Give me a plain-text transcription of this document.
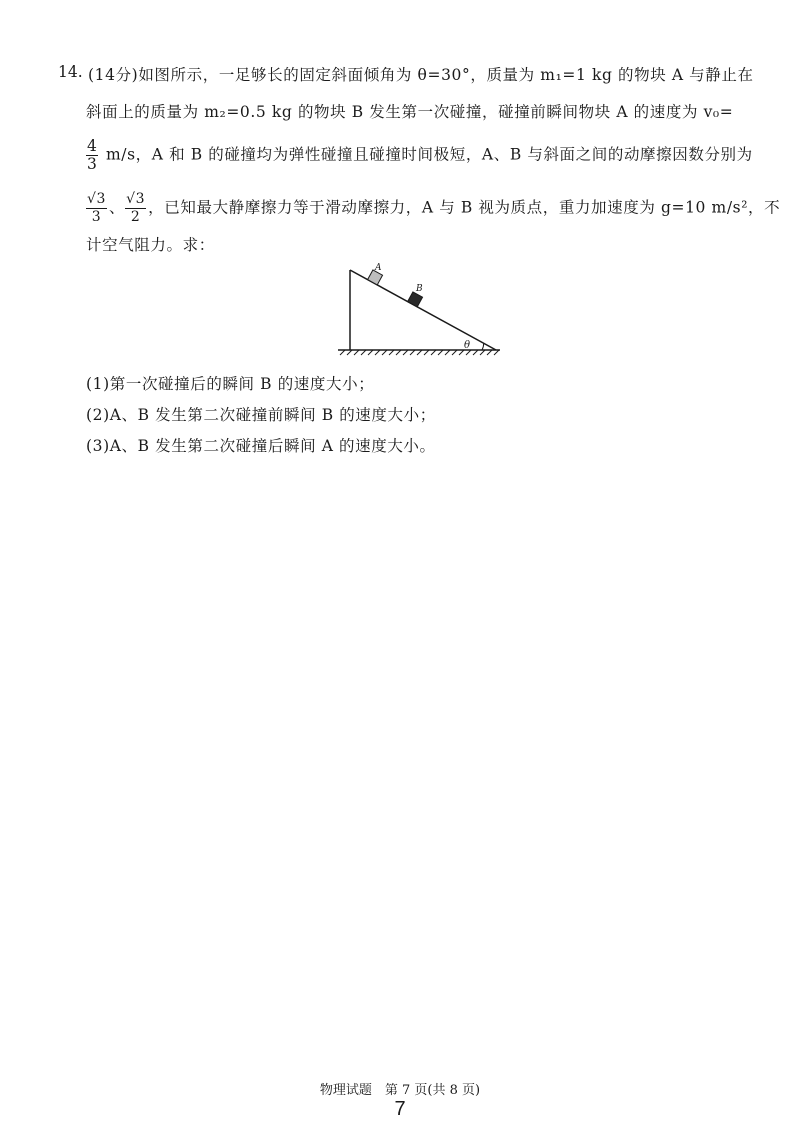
14. (14分)如图所示，一足够长的固定斜面倾角为 θ=30°，质量为 m₁=1 kg 的物块 A 与静止在
斜面上的质量为 m₂=0.5 kg 的物块 B 发生第一次碰撞，碰撞前瞬间物块 A 的速度为 v₀=
$\frac{4}{3} m/s$，A 和 B 的碰撞均为弹性碰撞且碰撞时间极短，A、B 与斜面之间的动摩擦因数分别为
$\frac{√3}{3}$ 、 $\frac{√3}{2}$ ，已知最大静摩擦力等于滑动摩擦力，A 与 B 视为质点，重力加速度为 g=10 m/s²，不
计空气阻力。求：
θ
A
B
(1)第一次碰撞后的瞬间 B 的速度大小；
(2)A、B 发生第二次碰撞前瞬间 B 的速度大小；
(3)A、B 发生第二次碰撞后瞬间 A 的速度大小。
物理试题　第 7 页(共 8 页)
7
